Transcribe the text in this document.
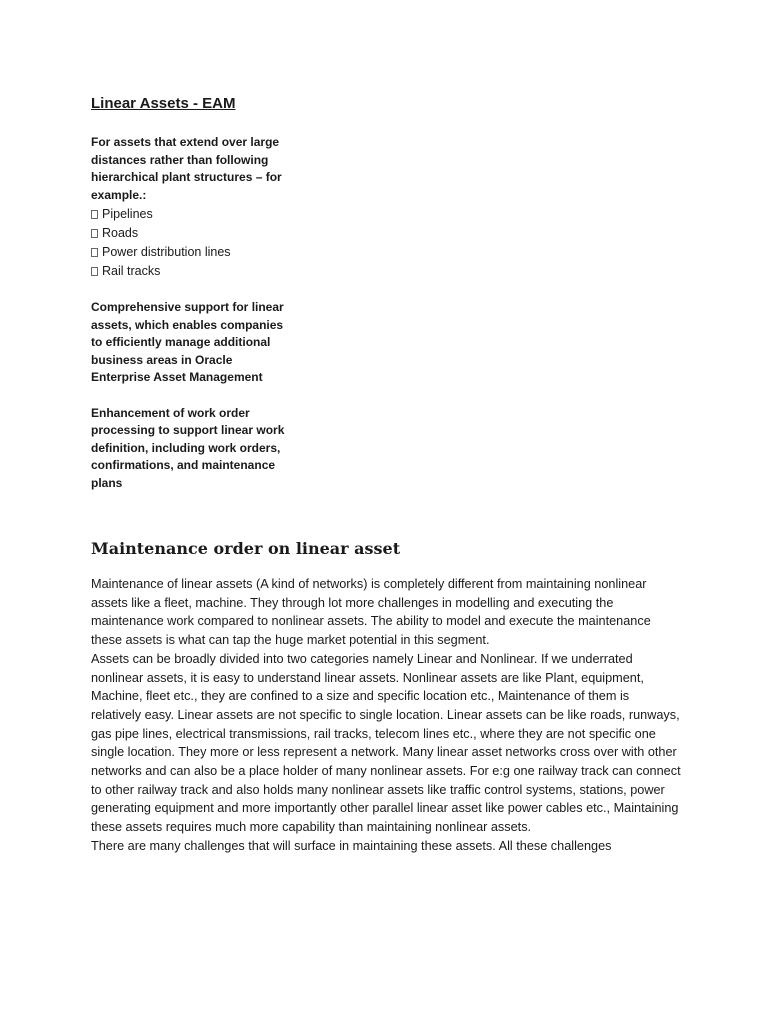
Linear Assets - EAM

For assets that extend over large distances rather than following hierarchical plant structures – for example.:

Pipelines
Roads
Power distribution lines
Rail tracks

Comprehensive support for linear assets, which enables companies to efficiently manage additional business areas in Oracle Enterprise Asset Management

Enhancement of work order processing to support linear work definition, including work orders, confirmations, and maintenance plans

Maintenance order on linear asset

Maintenance of linear assets (A kind of networks) is completely different from maintaining nonlinear assets like a fleet, machine. They through lot more challenges in modelling and executing the maintenance work compared to nonlinear assets. The ability to model and execute the maintenance these assets is what can tap the huge market potential in this segment.

Assets can be broadly divided into two categories namely Linear and Nonlinear. If we underrated nonlinear assets, it is easy to understand linear assets. Nonlinear assets are like Plant, equipment, Machine, fleet etc., they are confined to a size and specific location etc., Maintenance of them is relatively easy. Linear assets are not specific to single location. Linear assets can be like roads, runways, gas pipe lines, electrical transmissions, rail tracks, telecom lines etc., where they are not specific one single location. They more or less represent a network. Many linear asset networks cross over with other networks and can also be a place holder of many nonlinear assets. For e:g one railway track can connect to other railway track and also holds many nonlinear assets like traffic control systems, stations, power generating equipment and more importantly other parallel linear asset like power cables etc., Maintaining these assets requires much more capability than maintaining nonlinear assets.

There are many challenges that will surface in maintaining these assets. All these challenges
